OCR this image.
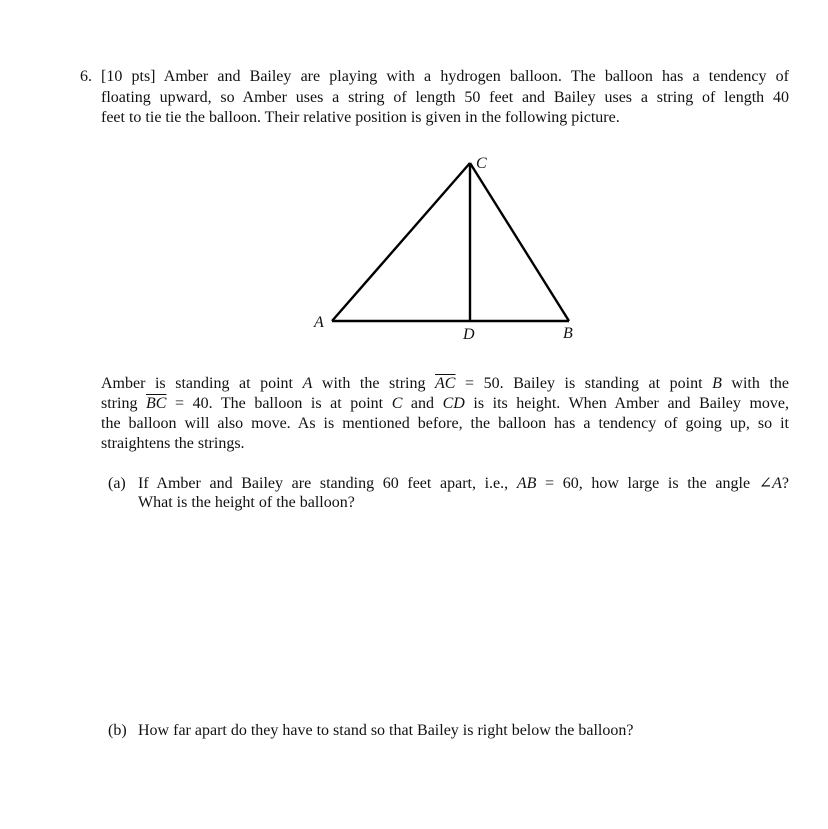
6. [10 pts] Amber and Bailey are playing with a hydrogen balloon. The balloon has a tendency of
floating upward, so Amber uses a string of length 50 feet and Bailey uses a string of length 40
feet to tie tie the balloon. Their relative position is given in the following picture.
A
C
D	B
Amber is standing at point A with the string $\overline{AC} = 50$. Bailey is standing at point B with the
string $\overline{BC} = 40$. The balloon is at point C and CD is its height. When Amber and Bailey move,
the balloon will also move. As is mentioned before, the balloon has a tendency of going up, so it
straightens the strings.
(a) If Amber and Bailey are standing 60 feet apart, i.e., AB = 60, how large is the angle ∠A?
What is the height of the balloon?
(b) How far apart do they have to stand so that Bailey is right below the balloon?
